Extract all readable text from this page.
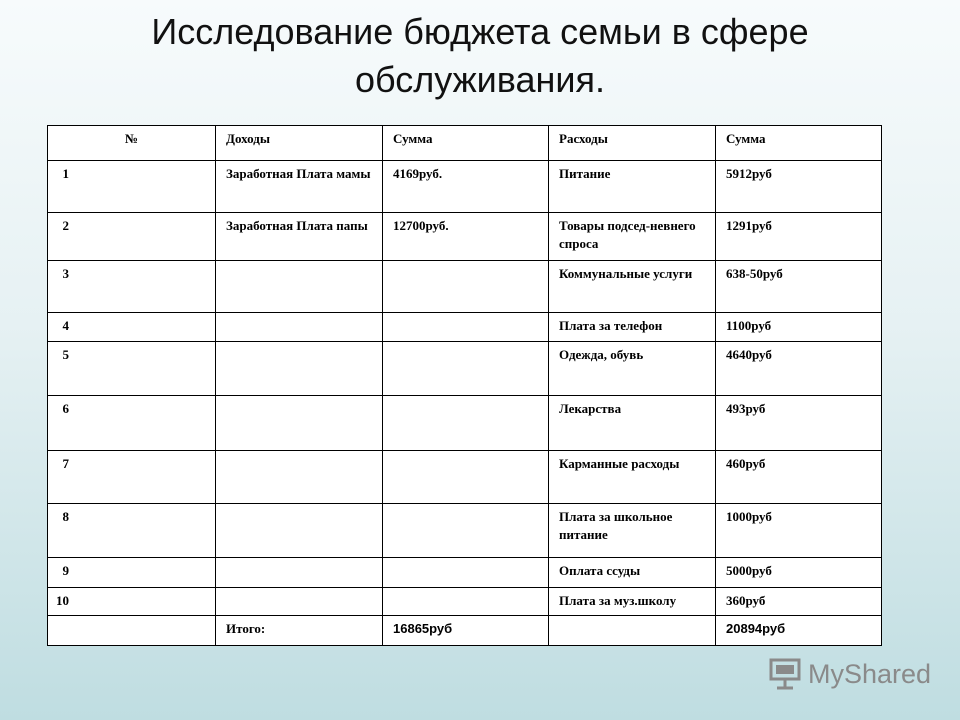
Исследование бюджета семьи в сфере обслуживания.
№	Доходы	Сумма	Расходы	Сумма
1	Заработная Плата мамы	4169руб.	Питание	5912руб
2	Заработная Плата папы	12700руб.	Товары подсед-невнего спроса	1291руб
3			Коммунальные услуги	638-50руб
4			Плата за телефон	1100руб
5			Одежда, обувь	4640руб
6			Лекарства	493руб
7			Карманные расходы	460руб
8			Плата за школьное питание	1000руб
9			Оплата ссуды	5000руб
10			Плата за муз.школу	360руб
	Итого:	16865руб		20894руб
MyShared
